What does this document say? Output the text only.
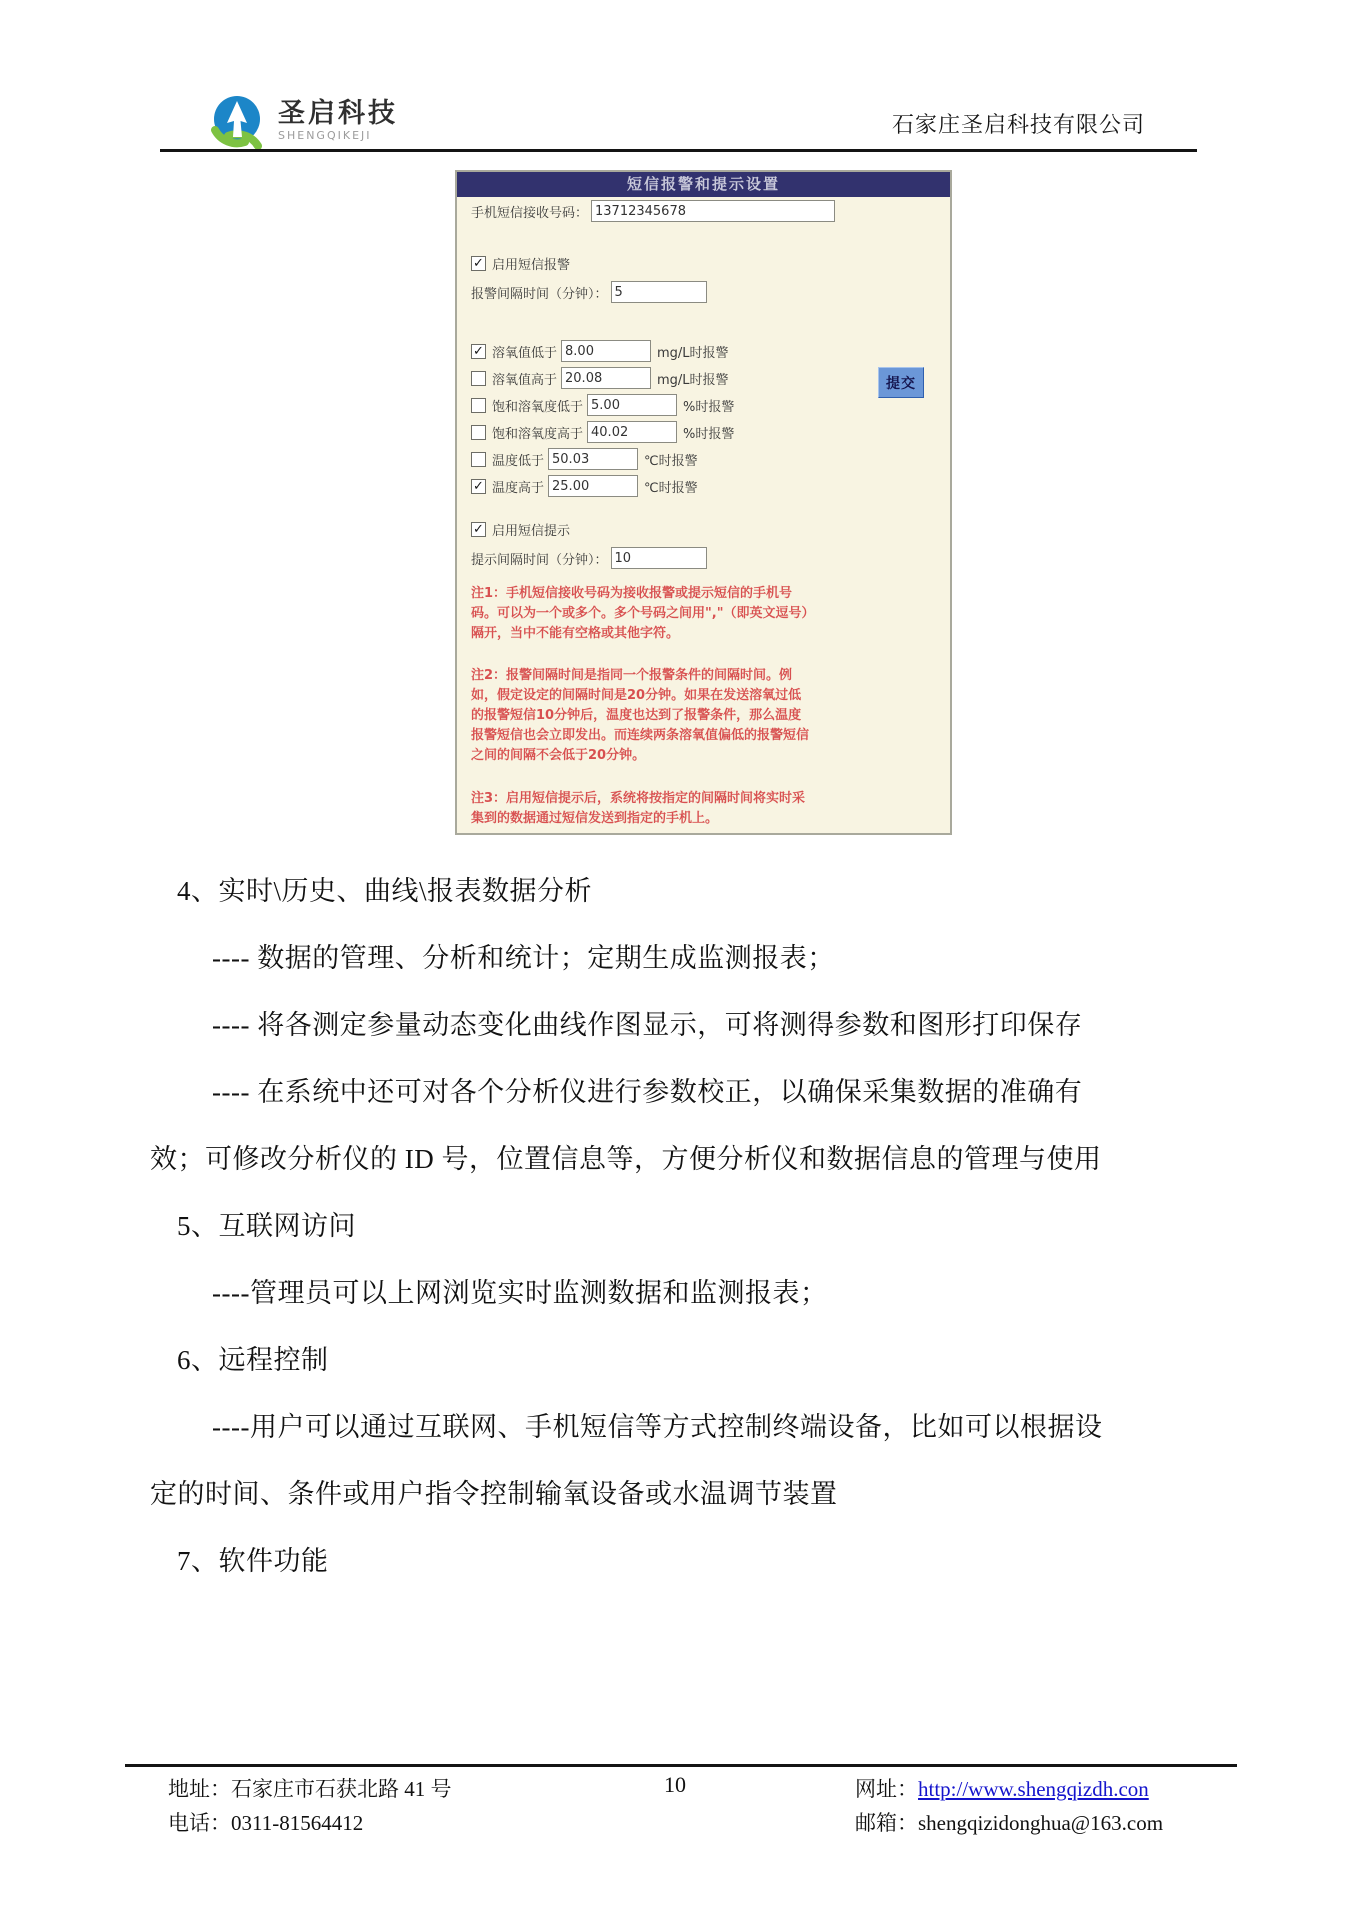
圣启科技
SHENGQIKEJI	石家庄圣启科技有限公司
短信报警和提示设置
手机短信接收号码：
13712345678
✓ 启用短信报警
报警间隔时间（分钟）：
5
✓ 溶氧值低于
8.00	mg/L时报警
溶氧值高于
20.08	mg/L时报警
饱和溶氧度低于
5.00	%时报警
饱和溶氧度高于
40.02	%时报警
温度低于
50.03	℃时报警
✓ 温度高于
25.00	℃时报警
提交
✓ 启用短信提示
提示间隔时间（分钟）：
10
注1：手机短信接收号码为接收报警或提示短信的手机号码。可以为一个或多个。多个号码之间用","（即英文逗号）隔开，当中不能有空格或其他字符。
注2：报警间隔时间是指同一个报警条件的间隔时间。例如，假定设定的间隔时间是20分钟。如果在发送溶氧过低的报警短信10分钟后，温度也达到了报警条件，那么温度报警短信也会立即发出。而连续两条溶氧值偏低的报警短信之间的间隔不会低于20分钟。
注3：启用短信提示后，系统将按指定的间隔时间将实时采集到的数据通过短信发送到指定的手机上。

4、实时\历史、曲线\报表数据分析

---- 数据的管理、分析和统计；定期生成监测报表；

---- 将各测定参量动态变化曲线作图显示，可将测得参数和图形打印保存

---- 在系统中还可对各个分析仪进行参数校正，以确保采集数据的准确有

效；可修改分析仪的 ID 号，位置信息等，方便分析仪和数据信息的管理与使用

5、互联网访问

----管理员可以上网浏览实时监测数据和监测报表；

6、远程控制

----用户可以通过互联网、手机短信等方式控制终端设备，比如可以根据设

定的时间、条件或用户指令控制输氧设备或水温调节装置

7、软件功能

地址：石家庄市石获北路 41 号
电话：0311-81564412
10	网址：http://www.shengqizdh.con
邮箱：shengqizidonghua@163.com
